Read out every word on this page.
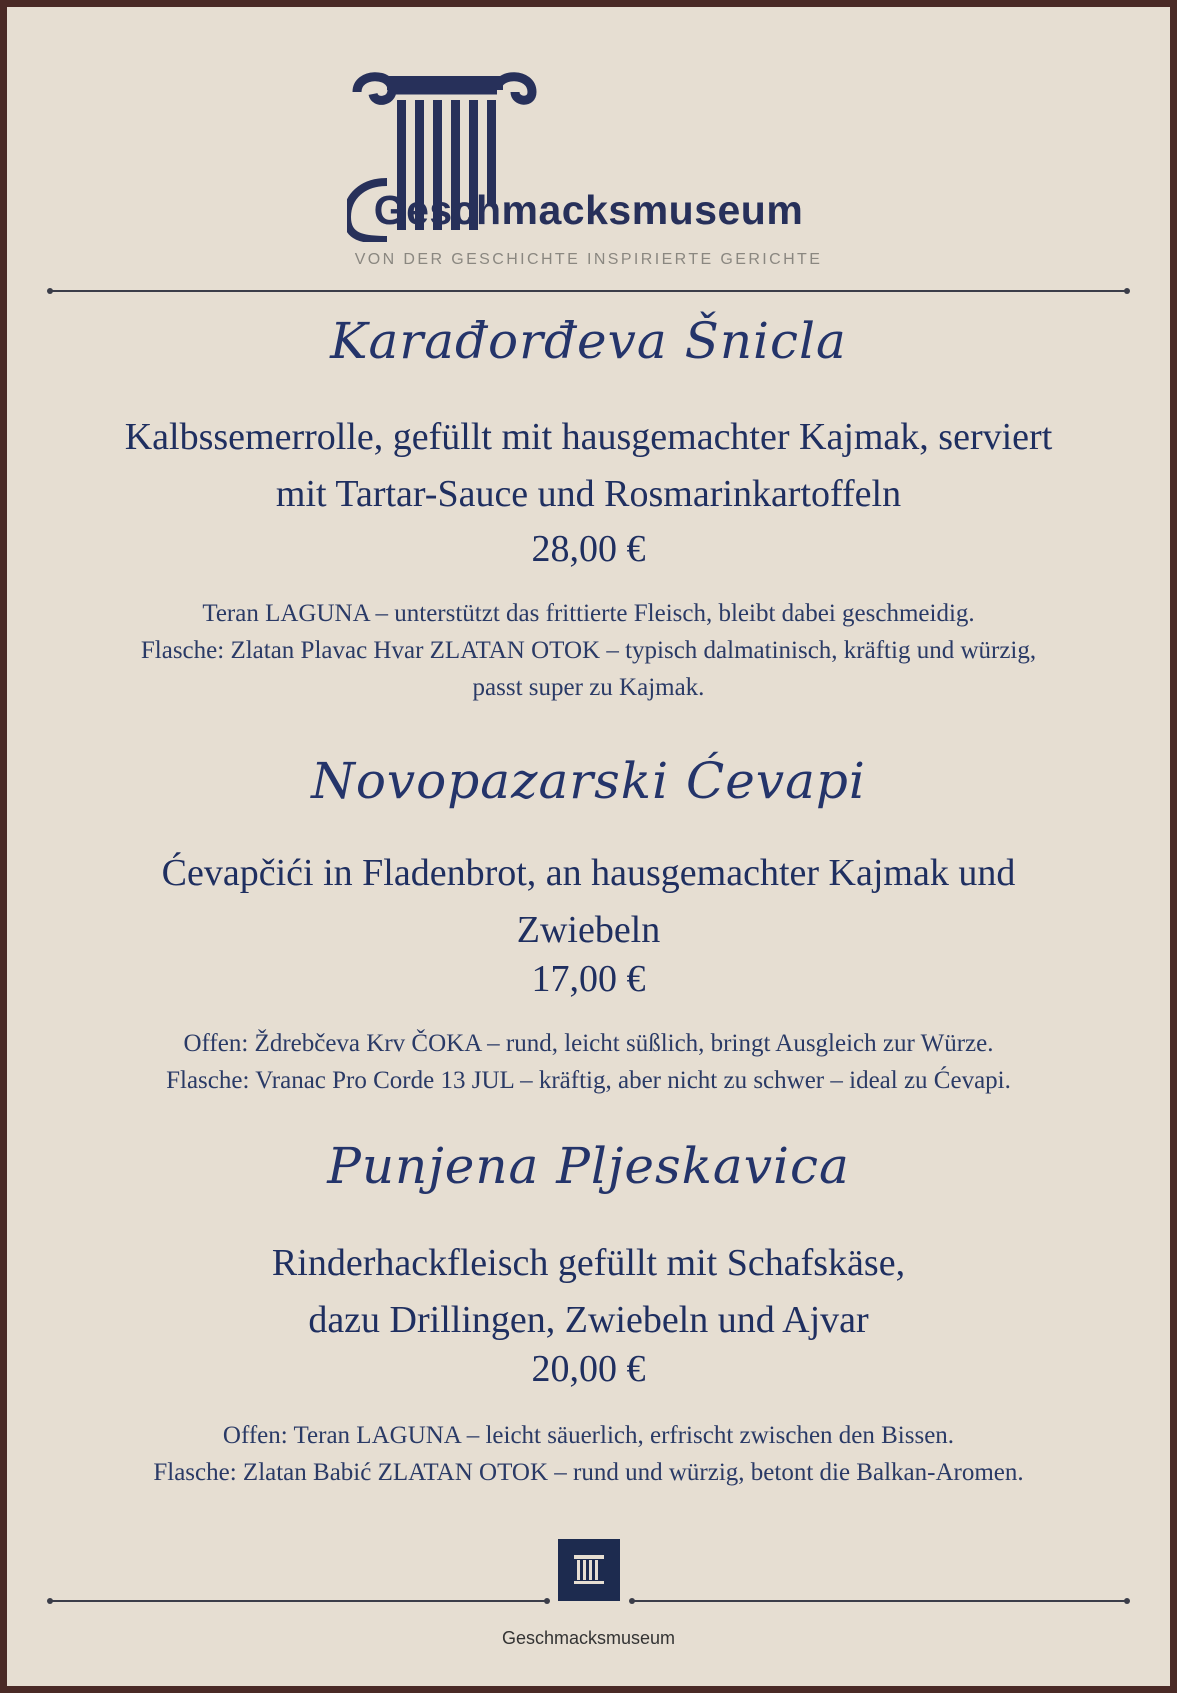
Geschmacksmuseum
VON DER GESCHICHTE INSPIRIERTE GERICHTE
Karađorđeva Šnicla
Kalbssemerrolle, gefüllt mit hausgemachter Kajmak, serviert
mit Tartar-Sauce und Rosmarinkartoffeln
28,00 €
Teran LAGUNA – unterstützt das frittierte Fleisch, bleibt dabei geschmeidig.
Flasche: Zlatan Plavac Hvar ZLATAN OTOK – typisch dalmatinisch, kräftig und würzig,
passt super zu Kajmak.
Novopazarski Ćevapi
Ćevapčići in Fladenbrot, an hausgemachter Kajmak und
Zwiebeln
17,00 €
Offen: Ždrebčeva Krv ČOKA – rund, leicht süßlich, bringt Ausgleich zur Würze.
Flasche: Vranac Pro Corde 13 JUL – kräftig, aber nicht zu schwer – ideal zu Ćevapi.
Punjena Pljeskavica
Rinderhackfleisch gefüllt mit Schafskäse,
dazu Drillingen, Zwiebeln und Ajvar
20,00 €
Offen: Teran LAGUNA – leicht säuerlich, erfrischt zwischen den Bissen.
Flasche: Zlatan Babić ZLATAN OTOK – rund und würzig, betont die Balkan-Aromen.
Geschmacksmuseum
